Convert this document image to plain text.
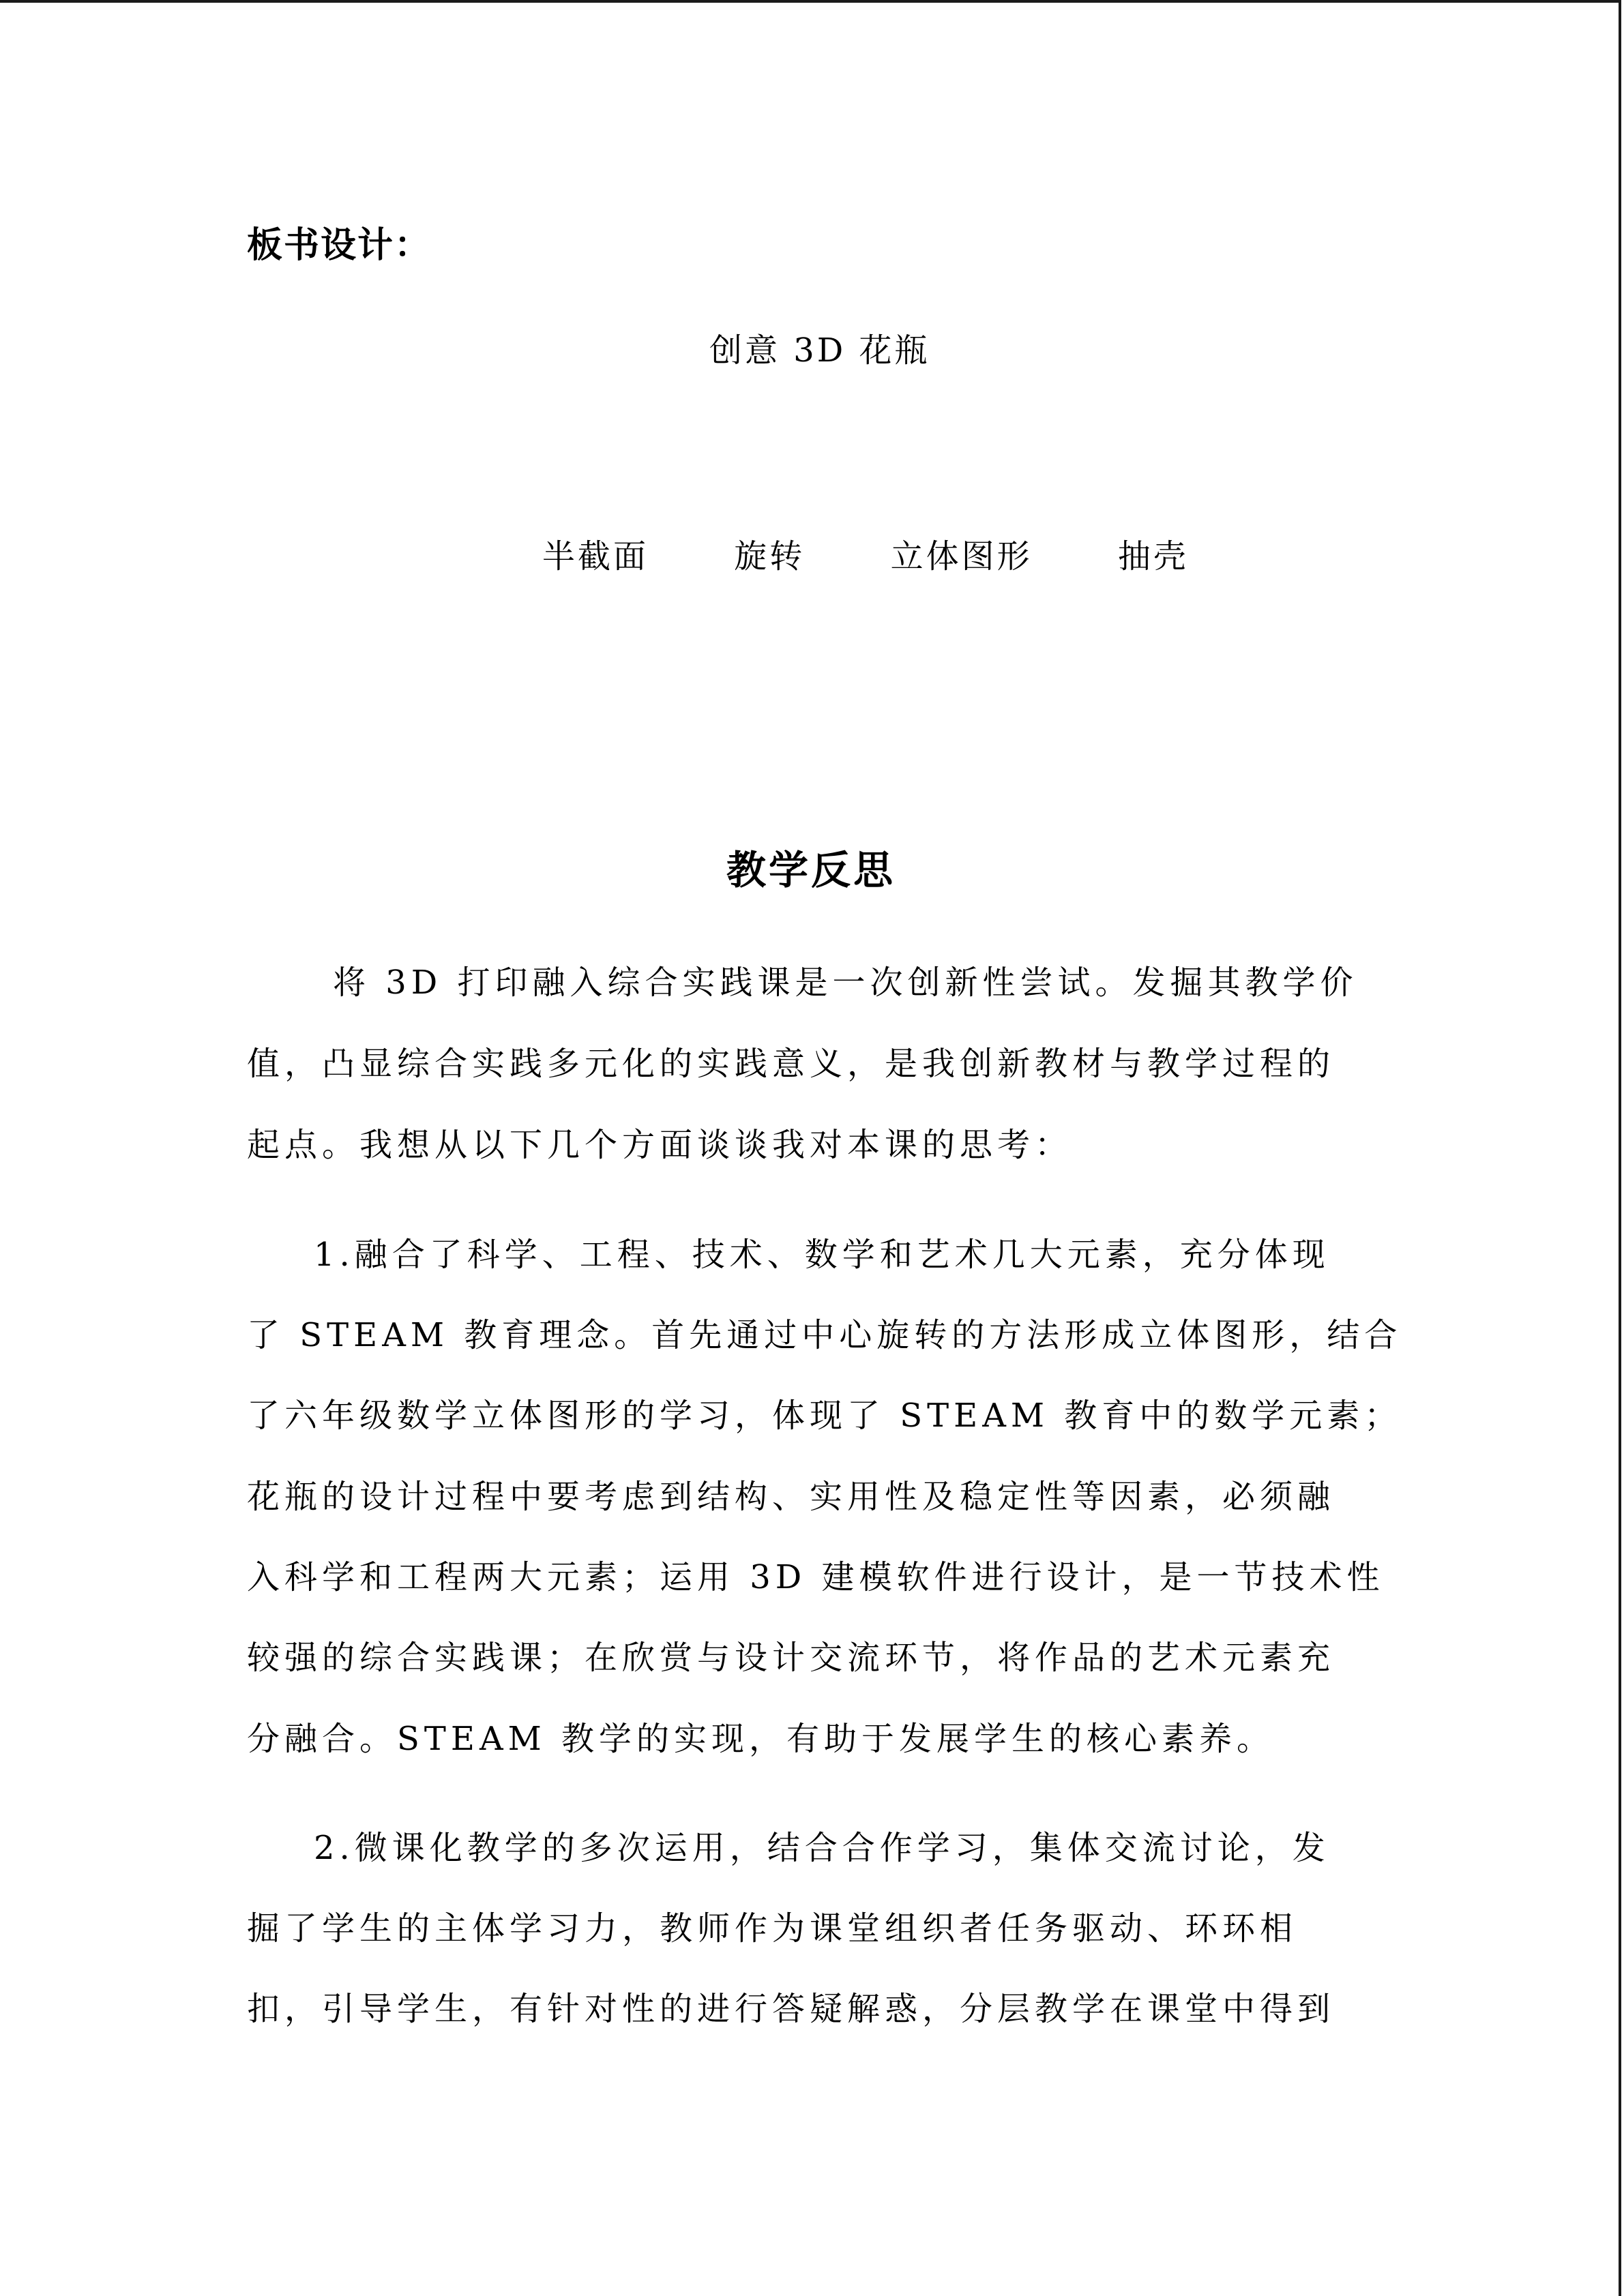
板书设计：
创意 3D 花瓶
半截面	旋转	立体图形	抽壳
教学反思
将 3D 打印融入综合实践课是一次创新性尝试。发掘其教学价
值，凸显综合实践多元化的实践意义，是我创新教材与教学过程的
起点。我想从以下几个方面谈谈我对本课的思考：
1.融合了科学、工程、技术、数学和艺术几大元素，充分体现
了 STEAM 教育理念。首先通过中心旋转的方法形成立体图形，结合
了六年级数学立体图形的学习，体现了 STEAM 教育中的数学元素；
花瓶的设计过程中要考虑到结构、实用性及稳定性等因素，必须融
入科学和工程两大元素；运用 3D 建模软件进行设计，是一节技术性
较强的综合实践课；在欣赏与设计交流环节，将作品的艺术元素充
分融合。STEAM 教学的实现，有助于发展学生的核心素养。
2.微课化教学的多次运用，结合合作学习，集体交流讨论，发
掘了学生的主体学习力，教师作为课堂组织者任务驱动、环环相
扣，引导学生，有针对性的进行答疑解惑，分层教学在课堂中得到
